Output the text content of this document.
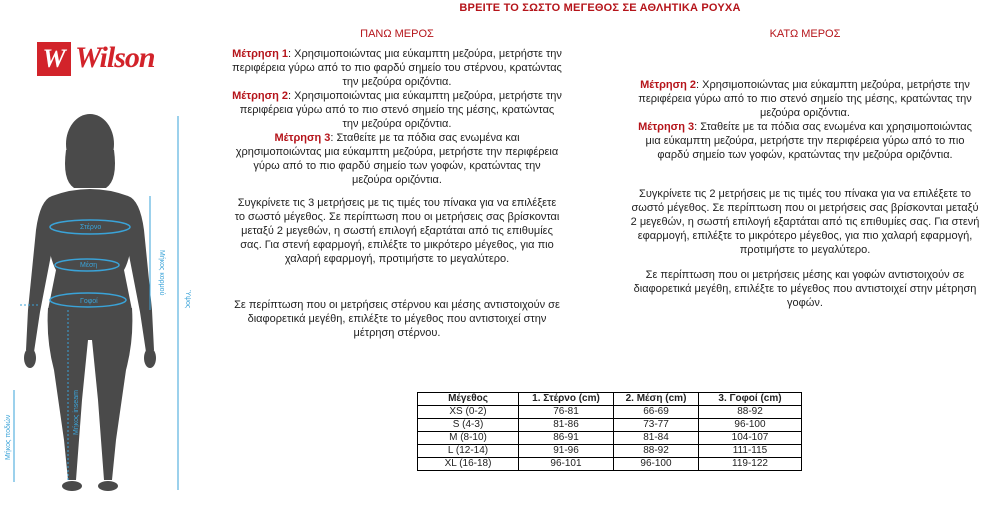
ΒΡΕΙΤΕ ΤΟ ΣΩΣΤΟ ΜΕΓΕΘΟΣ ΣΕ ΑΘΛΗΤΙΚΑ ΡΟΥΧΑ
W Wilson
Στέρνο
Μέση
Γοφοί
Μήκος κορμού
Ύψος
Μήκος ποδιών
Μήκος inseam
ΠΑΝΩ ΜΕΡΟΣ

Μέτρηση 1: Χρησιμοποιώντας μια εύκαμπτη μεζούρα, μετρήστε την περιφέρεια γύρω από το πιο φαρδύ σημείο του στέρνου, κρατώντας την μεζούρα οριζόντια.

Μέτρηση 2: Χρησιμοποιώντας μια εύκαμπτη μεζούρα, μετρήστε την περιφέρεια γύρω από το πιο στενό σημείο της μέσης, κρατώντας την μεζούρα οριζόντια.

Μέτρηση 3: Σταθείτε με τα πόδια σας ενωμένα και χρησιμοποιώντας μια εύκαμπτη μεζούρα, μετρήστε την περιφέρεια γύρω από το πιο φαρδύ σημείο των γοφών, κρατώντας την μεζούρα οριζόντια.

Συγκρίνετε τις 3 μετρήσεις με τις τιμές του πίνακα για να επιλέξετε το σωστό μέγεθος. Σε περίπτωση που οι μετρήσεις σας βρίσκονται μεταξύ 2 μεγεθών, η σωστή επιλογή εξαρτάται από τις επιθυμίες σας. Για στενή εφαρμογή, επιλέξτε το μικρότερο μέγεθος, για πιο χαλαρή εφαρμογή, προτιμήστε το μεγαλύτερο.
Σε περίπτωση που οι μετρήσεις στέρνου και μέσης αντιστοιχούν σε διαφορετικά μεγέθη, επιλέξτε το μέγεθος που αντιστοιχεί στην μέτρηση στέρνου.
ΚΑΤΩ ΜΕΡΟΣ

Μέτρηση 2: Χρησιμοποιώντας μια εύκαμπτη μεζούρα, μετρήστε την περιφέρεια γύρω από το πιο στενό σημείο της μέσης, κρατώντας την μεζούρα οριζόντια.

Μέτρηση 3: Σταθείτε με τα πόδια σας ενωμένα και χρησιμοποιώντας μια εύκαμπτη μεζούρα, μετρήστε την περιφέρεια γύρω από το πιο φαρδύ σημείο των γοφών, κρατώντας την μεζούρα οριζόντια.

Συγκρίνετε τις 2 μετρήσεις με τις τιμές του πίνακα για να επιλέξετε το σωστό μέγεθος. Σε περίπτωση που οι μετρήσεις σας βρίσκονται μεταξύ 2 μεγεθών, η σωστή επιλογή εξαρτάται από τις επιθυμίες σας. Για στενή εφαρμογή, επιλέξτε το μικρότερο μέγεθος, για πιο χαλαρή εφαρμογή, προτιμήστε το μεγαλύτερο.
Σε περίπτωση που οι μετρήσεις μέσης και γοφών αντιστοιχούν σε διαφορετικά μεγέθη, επιλέξτε το μέγεθος που αντιστοιχεί στην μέτρηση γοφών.
Μέγεθος	1. Στέρνο (cm)	2. Μέση (cm)	3. Γοφοί (cm)
XS (0-2)	76-81	66-69	88-92
S (4-3)	81-86	73-77	96-100
M (8-10)	86-91	81-84	104-107
L (12-14)	91-96	88-92	111-115
XL (16-18)	96-101	96-100	119-122
